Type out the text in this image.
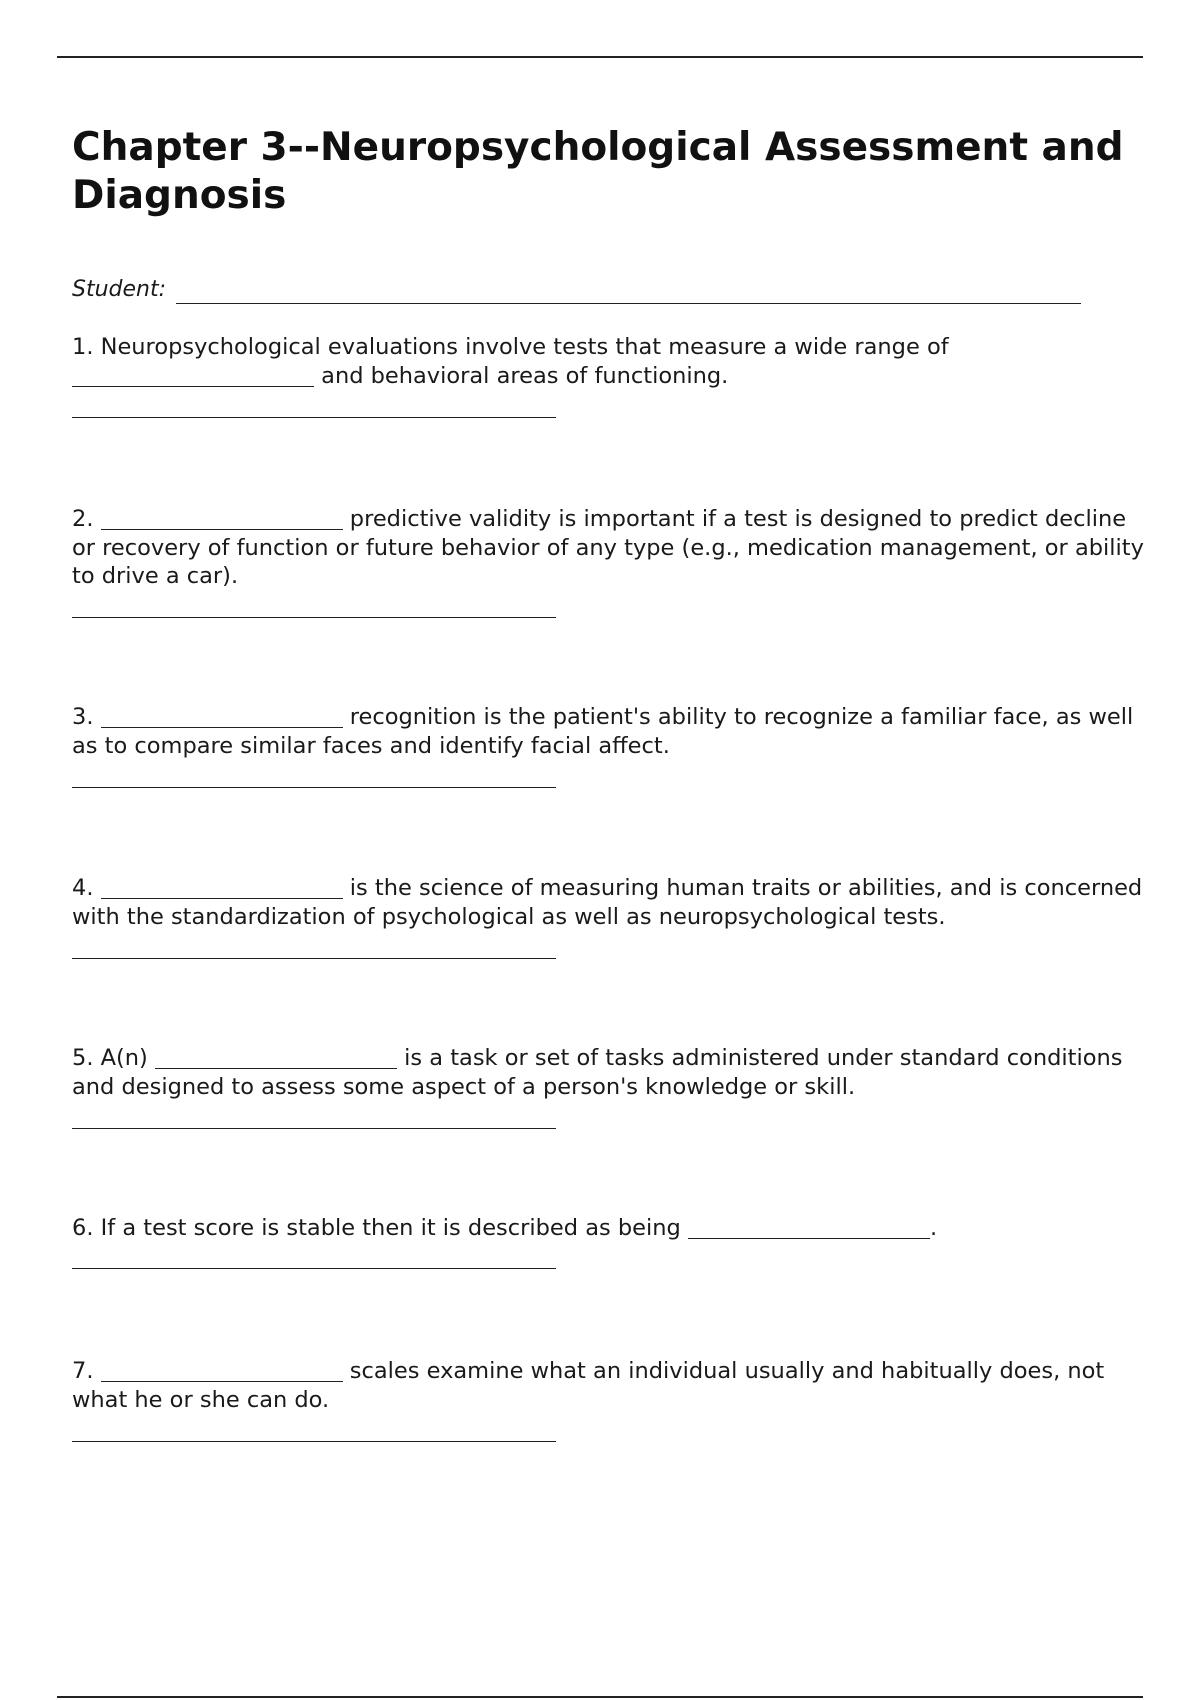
Chapter 3--Neuropsychological Assessment and Diagnosis
Student:

1. Neuropsychological evaluations involve tests that measure a wide range of
and behavioral areas of functioning.

2.	predictive validity is important if a test is designed to predict decline or recovery of function or future behavior of any type (e.g., medication management, or ability to drive a car).

3.	recognition is the patient's ability to recognize a familiar face, as well as to compare similar faces and identify facial affect.

4.	is the science of measuring human traits or abilities, and is concerned with the standardization of psychological as well as neuropsychological tests.

5. A(n)	is a task or set of tasks administered under standard conditions and designed to assess some aspect of a person's knowledge or skill.

6. If a test score is stable then it is described as being	.

7.	scales examine what an individual usually and habitually does, not what he or she can do.
